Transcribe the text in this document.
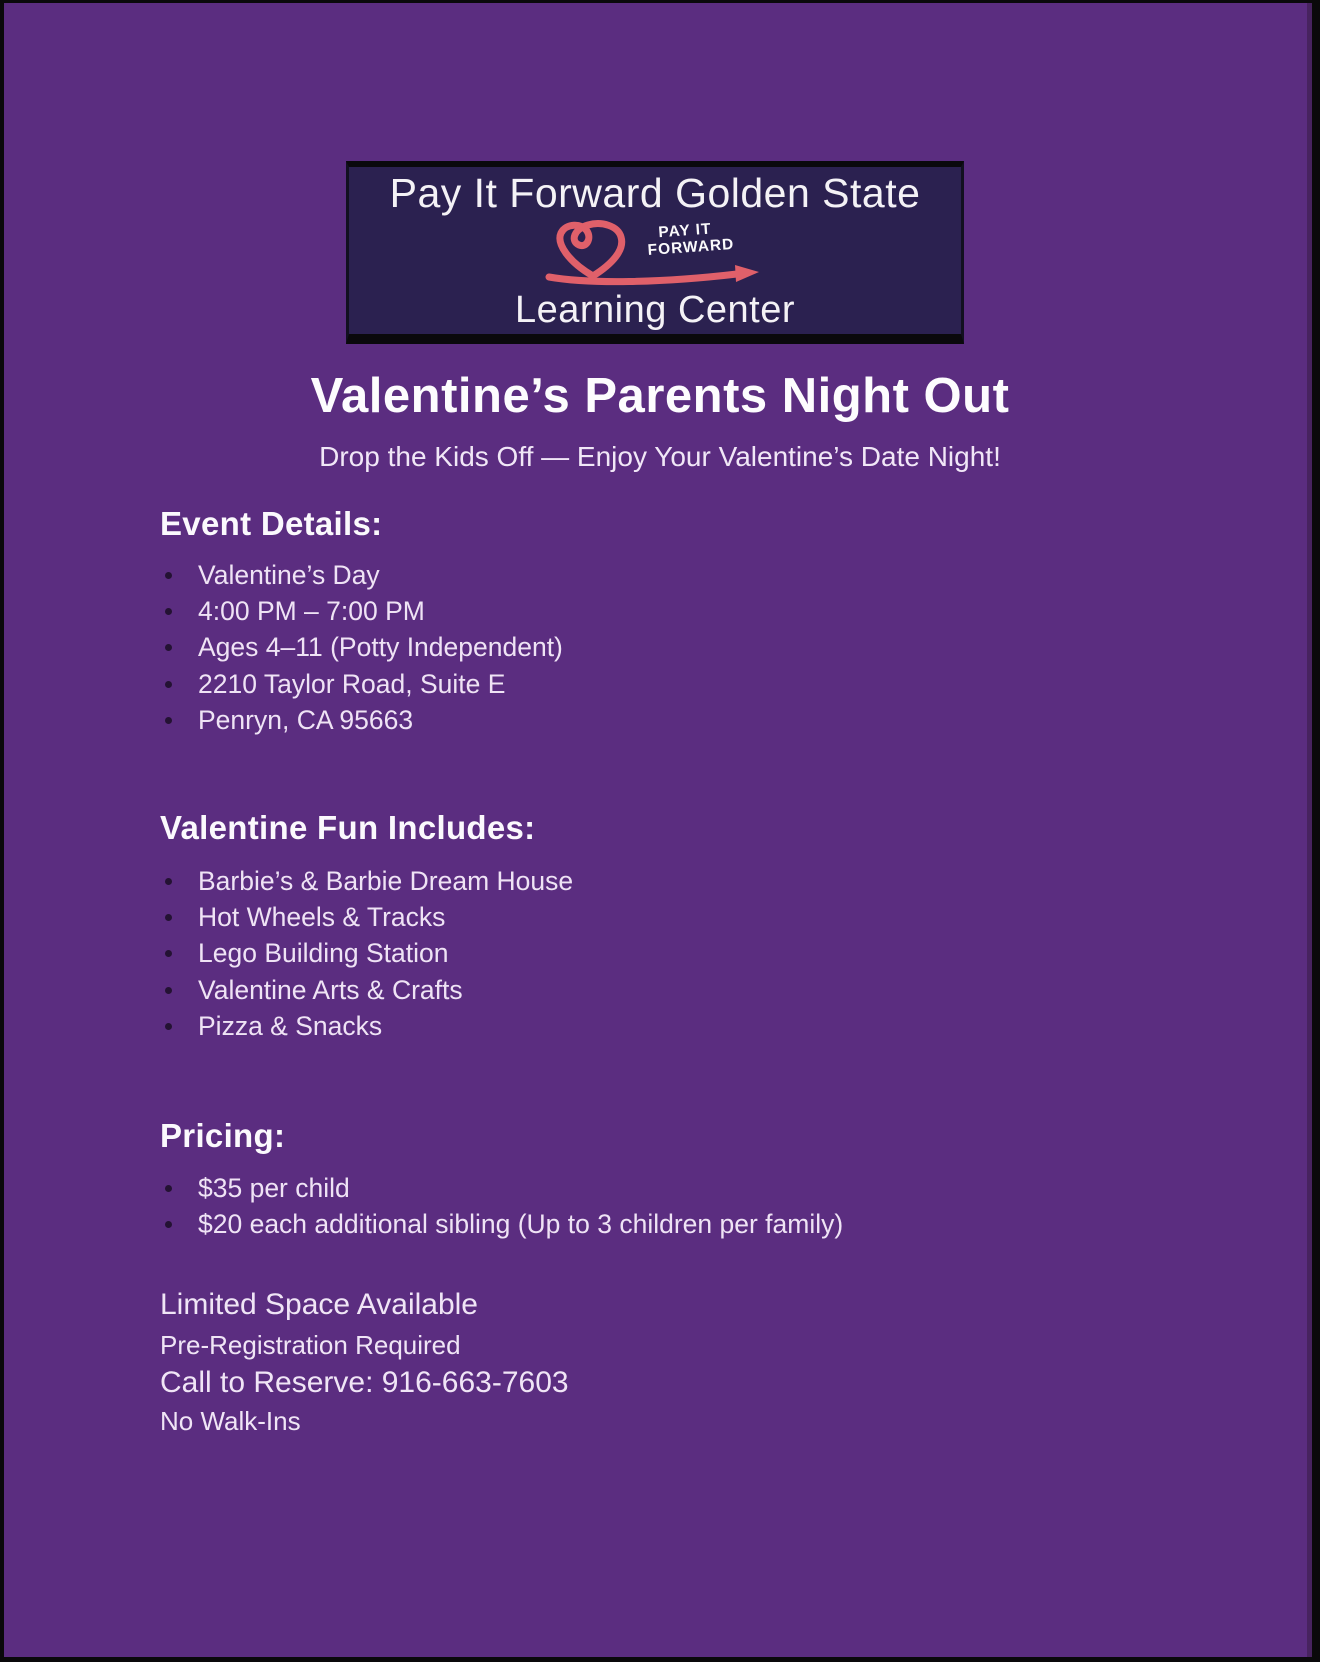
Pay It Forward Golden State
PAY IT
FORWARD
Learning Center
Valentine’s Parents Night Out
Drop the Kids Off — Enjoy Your Valentine’s Date Night!
Event Details:
Valentine’s Day
4:00 PM – 7:00 PM
Ages 4–11 (Potty Independent)
2210 Taylor Road, Suite E
Penryn, CA 95663
Valentine Fun Includes:
Barbie’s & Barbie Dream House
Hot Wheels & Tracks
Lego Building Station
Valentine Arts & Crafts
Pizza & Snacks
Pricing:
$35 per child
$20 each additional sibling (Up to 3 children per family)
Limited Space Available
Pre-Registration Required
Call to Reserve: 916-663-7603
No Walk-Ins
